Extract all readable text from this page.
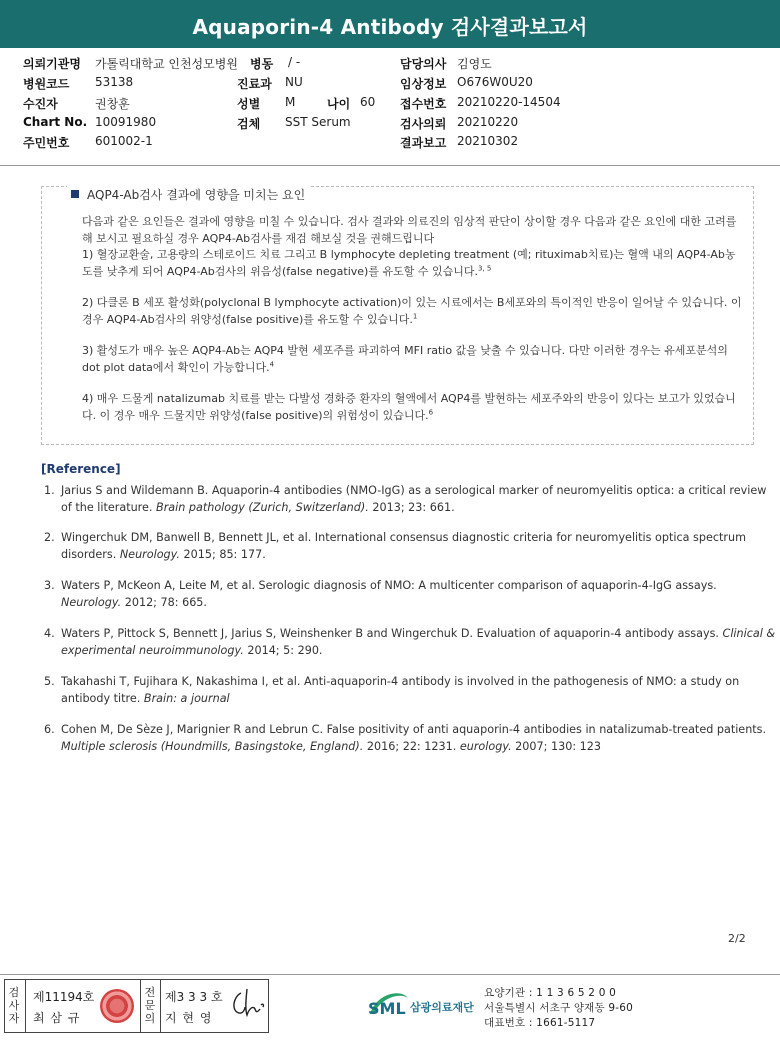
Aquaporin-4 Antibody 검사결과보고서
의뢰기관명 가톨릭대학교 인천성모병원 병동 / -	담당의사 김영도
병원코드 53138	진료과 NU	임상정보 O676W0U20
수진자	권창훈	성별 M	나이 60 접수번호 20210220-14504
Chart No. 10091980	검체 SST Serum	검사의뢰 20210220
주민번호 601002-1	결과보고 20210302
AQP4-Ab검사 결과에 영향을 미치는 요인
다음과 같은 요인들은 결과에 영향을 미칠 수 있습니다. 검사 결과와 의료진의 임상적 판단이 상이할 경우 다음과 같은 요인에 대한 고려를 해 보시고 필요하실 경우 AQP4-Ab검사를 재검 해보실 것을 권해드립니다
1) 혈장교환술, 고용량의 스테로이드 치료 그리고 B lymphocyte depleting treatment (예; rituximab치료)는 혈액 내의 AQP4-Ab농도를 낮추게 되어 AQP4-Ab검사의 위음성(false negative)를 유도할 수 있습니다.$^{3, 5}$
2) 다클론 B 세포 활성화(polyclonal B lymphocyte activation)이 있는 시료에서는 B세포와의 특이적인 반응이 일어날 수 있습니다. 이 경우 AQP4-Ab검사의 위양성(false positive)를 유도할 수 있습니다.$^1$
3) 활성도가 매우 높은 AQP4-Ab는 AQP4 발현 세포주를 파괴하여 MFI ratio 값을 낮출 수 있습니다. 다만 이러한 경우는 유세포분석의 dot plot data에서 확인이 가능합니다.$^4$
4) 매우 드물게 natalizumab 치료를 받는 다발성 경화증 환자의 혈액에서 AQP4를 발현하는 세포주와의 반응이 있다는 보고가 있었습니다. 이 경우 매우 드물지만 위양성(false positive)의 위험성이 있습니다.$^6$
[Reference]
1. Jarius S and Wildemann B. Aquaporin-4 antibodies (NMO-IgG) as a serological marker of neuromyelitis optica: a critical review of the literature. Brain pathology (Zurich, Switzerland). 2013; 23: 661.
2. Wingerchuk DM, Banwell B, Bennett JL, et al. International consensus diagnostic criteria for neuromyelitis optica spectrum disorders. Neurology. 2015; 85: 177.
3. Waters P, McKeon A, Leite M, et al. Serologic diagnosis of NMO: A multicenter comparison of aquaporin-4-IgG assays. Neurology. 2012; 78: 665.
4. Waters P, Pittock S, Bennett J, Jarius S, Weinshenker B and Wingerchuk D. Evaluation of aquaporin-4 antibody assays. Clinical & experimental neuroimmunology. 2014; 5: 290.
5. Takahashi T, Fujihara K, Nakashima I, et al. Anti-aquaporin-4 antibody is involved in the pathogenesis of NMO: a study on antibody titre. Brain: a journal
6. Cohen M, De Sèze J, Marignier R and Lebrun C. False positivity of anti aquaporin-4 antibodies in natalizumab-treated patients. Multiple sclerosis (Houndmills, Basingstoke, England). 2016; 22: 1231. eurology. 2007; 130: 123
2/2
검사자
제11194호
최 삼 규
전문의
제3 3 3 호
지 현 영	SML 삼광의료재단
요양기관 : 1 1 3 6 5 2 0 0
서울특별시 서초구 양재동 9-60
대표번호 : 1661-5117
